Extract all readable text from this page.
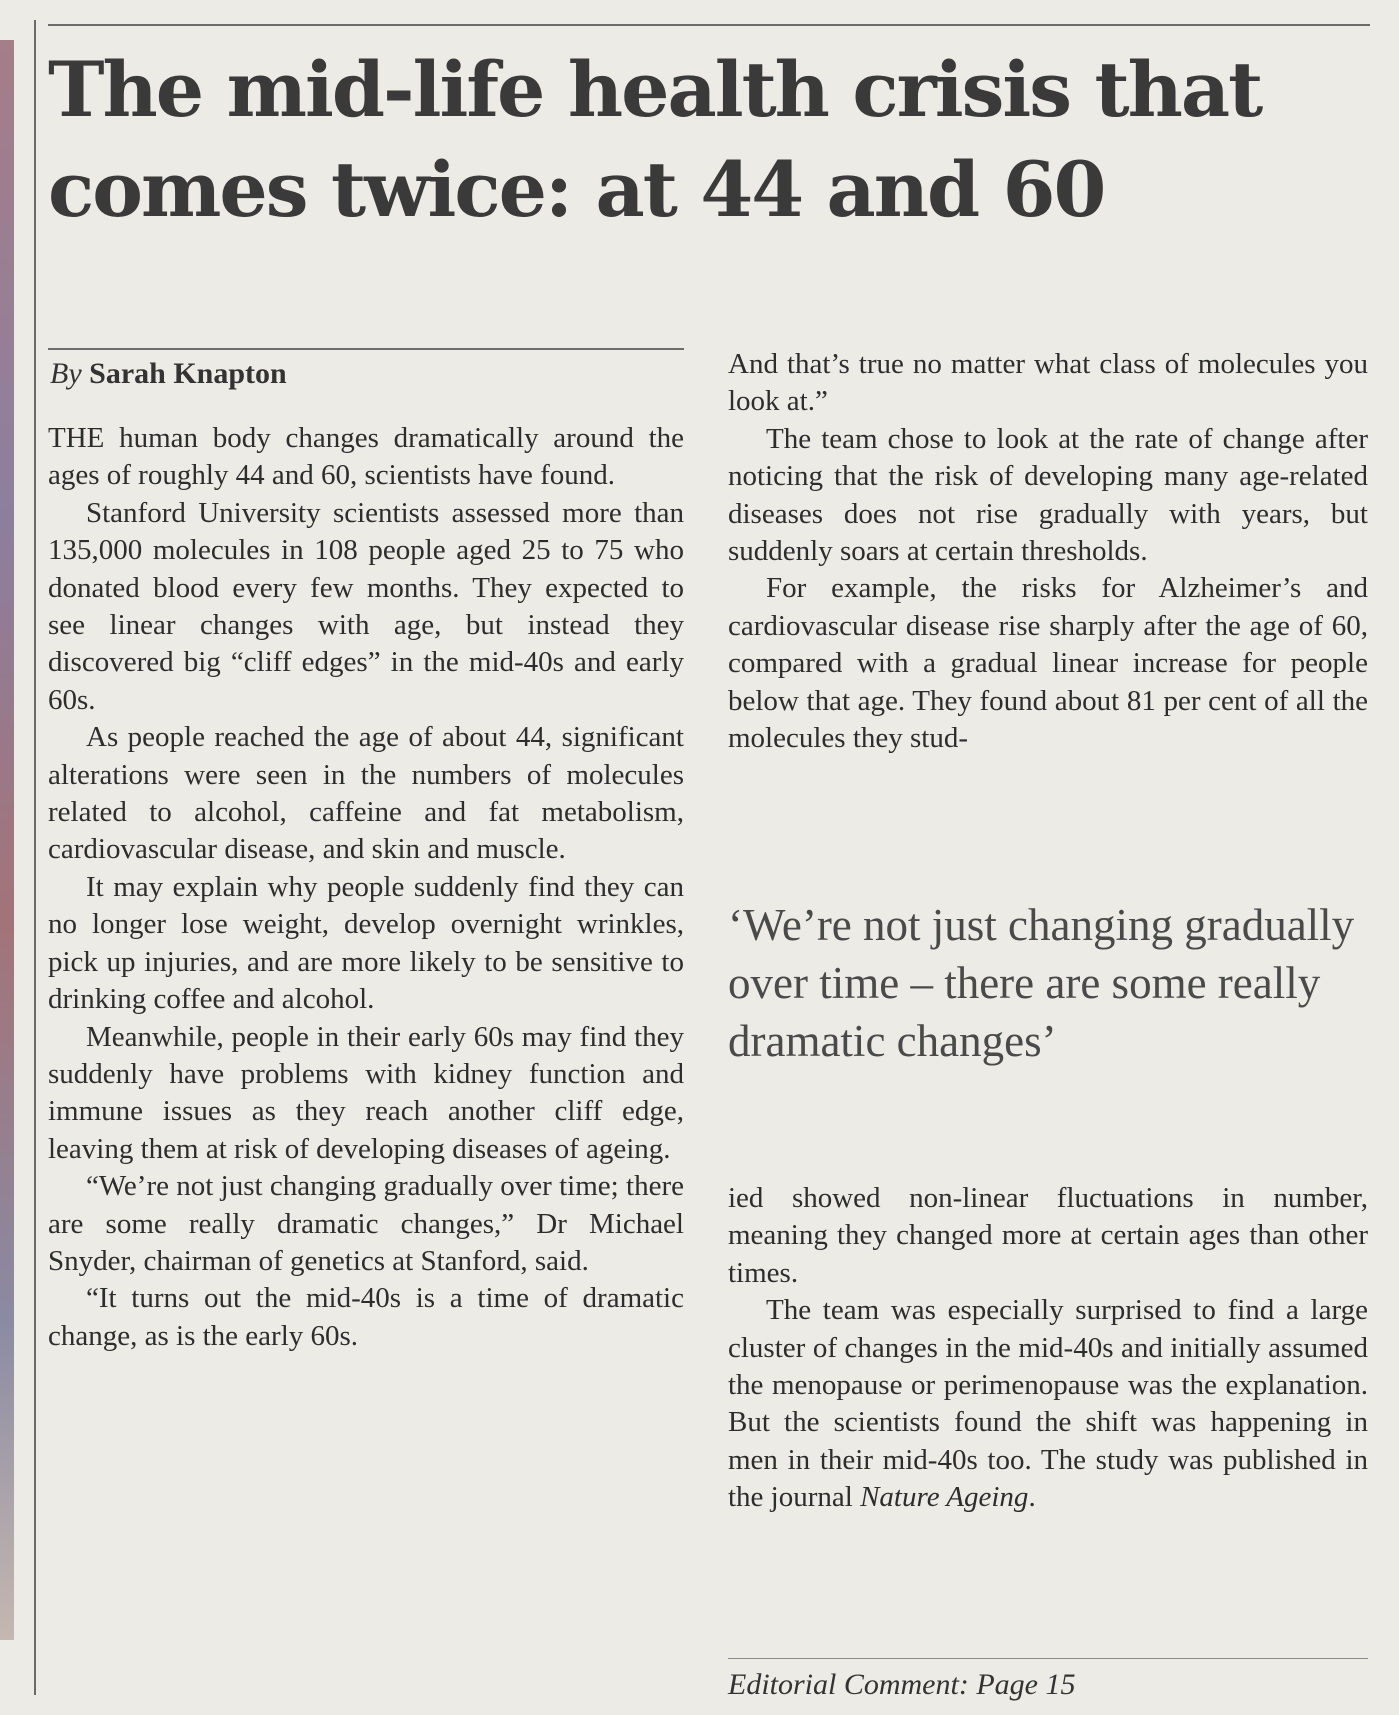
The mid-life health crisis that comes twice: at 44 and 60
By Sarah Knapton

THE human body changes dramatically around the ages of roughly 44 and 60, scientists have found.

Stanford University scientists assessed more than 135,000 molecules in 108 people aged 25 to 75 who donated blood every few months. They expected to see linear changes with age, but instead they discovered big “cliff edges” in the mid-40s and early 60s.

As people reached the age of about 44, significant alterations were seen in the numbers of molecules related to alcohol, caffeine and fat metabolism, cardiovascular disease, and skin and muscle.

It may explain why people suddenly find they can no longer lose weight, develop overnight wrinkles, pick up injuries, and are more likely to be sensitive to drinking coffee and alcohol.

Meanwhile, people in their early 60s may find they suddenly have problems with kidney function and immune issues as they reach another cliff edge, leaving them at risk of developing diseases of ageing.

“We’re not just changing gradually over time; there are some really dramatic changes,” Dr Michael Snyder, chairman of genetics at Stanford, said.

“It turns out the mid-40s is a time of dramatic change, as is the early 60s.

And that’s true no matter what class of molecules you look at.”

The team chose to look at the rate of change after noticing that the risk of developing many age-related diseases does not rise gradually with years, but suddenly soars at certain thresholds.

For example, the risks for Alzheimer’s and cardiovascular disease rise sharply after the age of 60, compared with a gradual linear increase for people below that age. They found about 81 per cent of all the molecules they stud-

‘We’re not just changing gradually over time – there are some really dramatic changes’

ied showed non-linear fluctuations in number, meaning they changed more at certain ages than other times.

The team was especially surprised to find a large cluster of changes in the mid-40s and initially assumed the menopause or perimenopause was the explanation. But the scientists found the shift was happening in men in their mid-40s too. The study was published in the journal Nature Ageing.

Editorial Comment: Page 15
